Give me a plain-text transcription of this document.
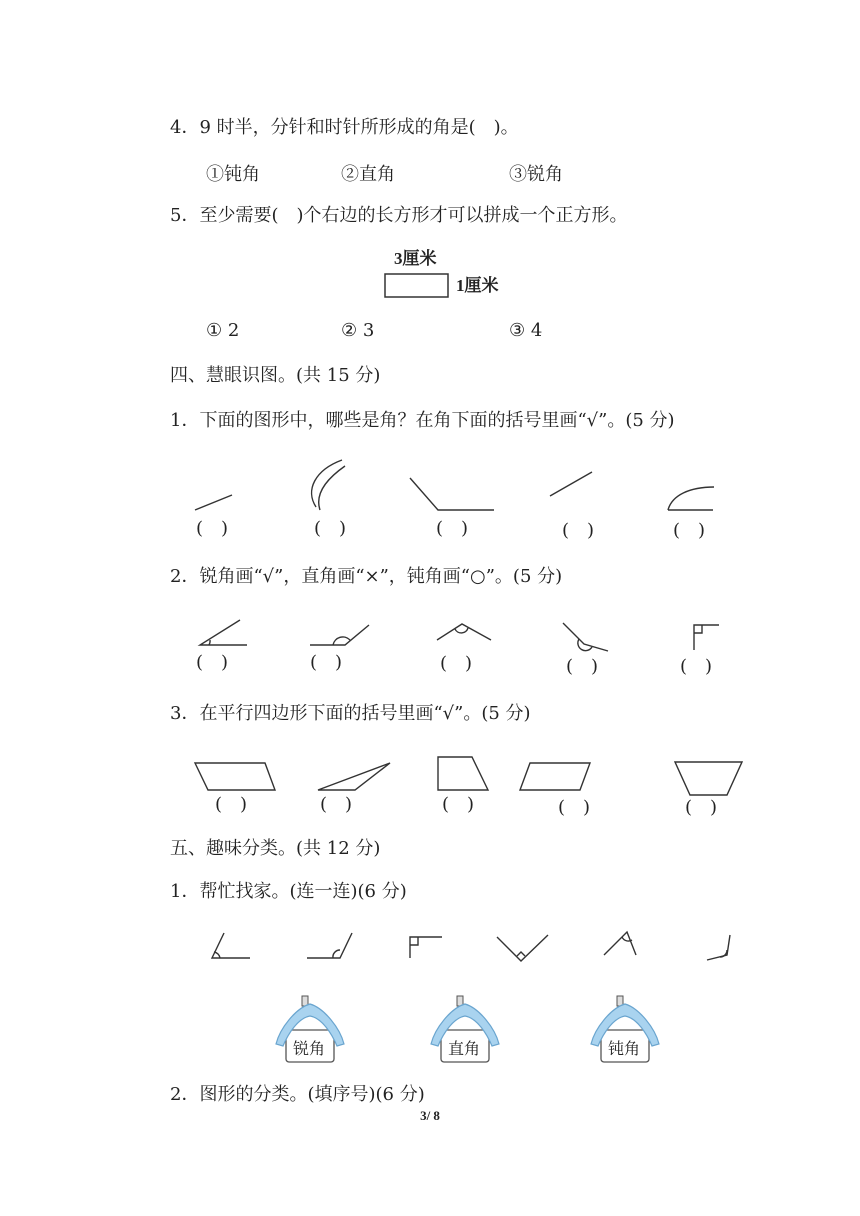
4．9 时半，分针和时针所形成的角是(　)。
①钝角	②直角	③锐角
5．至少需要(　)个右边的长方形才可以拼成一个正方形。
3厘米
1厘米
① 2	② 3	③ 4
四、慧眼识图。(共 15 分)
1．下面的图形中，哪些是角？在角下面的括号里画“√”。(5 分)
(　)	(　)	(　)	(　)	(　)
2．锐角画“√”，直角画“×”，钝角画“○”。(5 分)
(　)	(　)	(　)	(　)	(　)
3．在平行四边形下面的括号里画“√”。(5 分)
(　)	(　)	(　)	(　)	(　)
五、趣味分类。(共 12 分)
1．帮忙找家。(连一连)(6 分)
锐角	直角	钝角
2．图形的分类。(填序号)(6 分)
3/ 8
